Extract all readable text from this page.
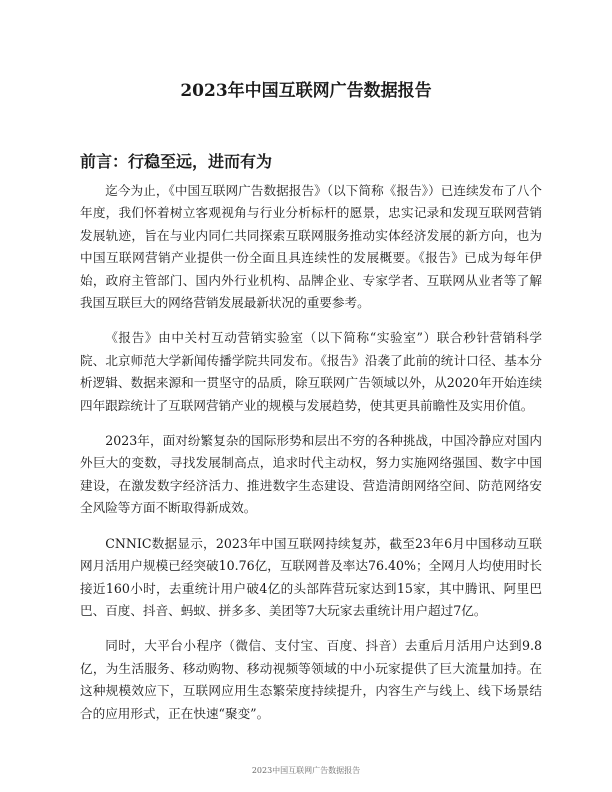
2023年中国互联网广告数据报告
前言：行稳至远，进而有为

迄今为止，《中国互联网广告数据报告》（以下简称《报告》）已连续发布了八个年度，我们怀着树立客观视角与行业分析标杆的愿景，忠实记录和发现互联网营销发展轨迹，旨在与业内同仁共同探索互联网服务推动实体经济发展的新方向，也为中国互联网营销产业提供一份全面且具连续性的发展概要。《报告》已成为每年伊始，政府主管部门、国内外行业机构、品牌企业、专家学者、互联网从业者等了解我国互联巨大的网络营销发展最新状况的重要参考。

《报告》由中关村互动营销实验室（以下简称“实验室”）联合秒针营销科学院、北京师范大学新闻传播学院共同发布。《报告》沿袭了此前的统计口径、基本分析逻辑、数据来源和一贯坚守的品质，除互联网广告领域以外，从2020年开始连续四年跟踪统计了互联网营销产业的规模与发展趋势，使其更具前瞻性及实用价值。

2023年，面对纷繁复杂的国际形势和层出不穷的各种挑战，中国冷静应对国内外巨大的变数，寻找发展制高点，追求时代主动权，努力实施网络强国、数字中国建设，在激发数字经济活力、推进数字生态建设、营造清朗网络空间、防范网络安全风险等方面不断取得新成效。

CNNIC数据显示，2023年中国互联网持续复苏，截至23年6月中国移动互联网月活用户规模已经突破10.76亿，互联网普及率达76.40%；全网月人均使用时长接近160小时，去重统计用户破4亿的头部阵营玩家达到15家，其中腾讯、阿里巴巴、百度、抖音、蚂蚁、拼多多、美团等7大玩家去重统计用户超过7亿。

同时，大平台小程序（微信、支付宝、百度、抖音）去重后月活用户达到9.8亿，为生活服务、移动购物、移动视频等领域的中小玩家提供了巨大流量加持。在这种规模效应下，互联网应用生态繁荣度持续提升，内容生产与线上、线下场景结合的应用形式，正在快速“聚变”。

2023中国互联网广告数据报告
